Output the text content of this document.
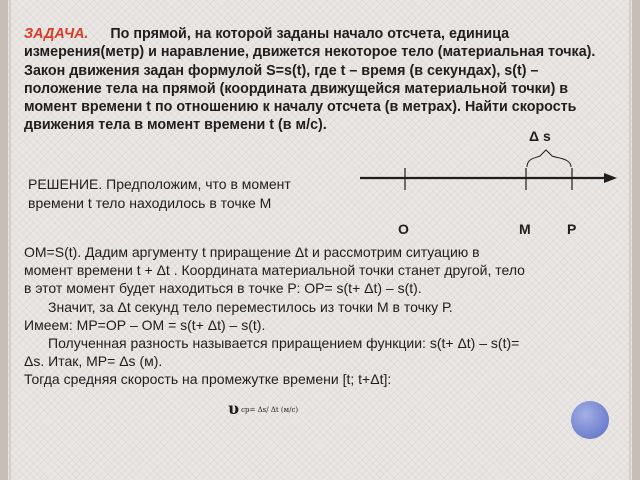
ЗАДАЧА. По прямой, на которой заданы начало отсчета, единица измерения(метр) и наравление, движется некоторое тело (материальная точка). Закон движения задан формулой S=s(t), где t – время (в секундах), s(t) – положение тела на прямой (координата движущейся материальной точки) в момент времени t по отношению к началу отсчета (в метрах). Найти скорость движения тела в момент времени t (в м/с).

Δ s
РЕШЕНИЕ. Предположим, что в момент времени t тело находилось в точке М
O	M	P

OM=S(t). Дадим аргументу t приращение Δt и рассмотрим ситуацию в

момент времени t + Δt . Координата материальной точки станет другой, тело

в этот момент будет находиться в точке Р: ОР= s(t+ Δt) – s(t).

Значит, за Δt секунд тело переместилось из точки М в точку Р.

Имеем: МР=ОР – ОМ = s(t+ Δt) – s(t).

Полученная разность называется приращением функции: s(t+ Δt) – s(t)=

Δs. Итак, МР= Δs (м).

Тогда средняя скорость на промежутке времени [t; t+Δt]:

υ $^{ср= \Delta s/ \Delta t (м/с)}$
